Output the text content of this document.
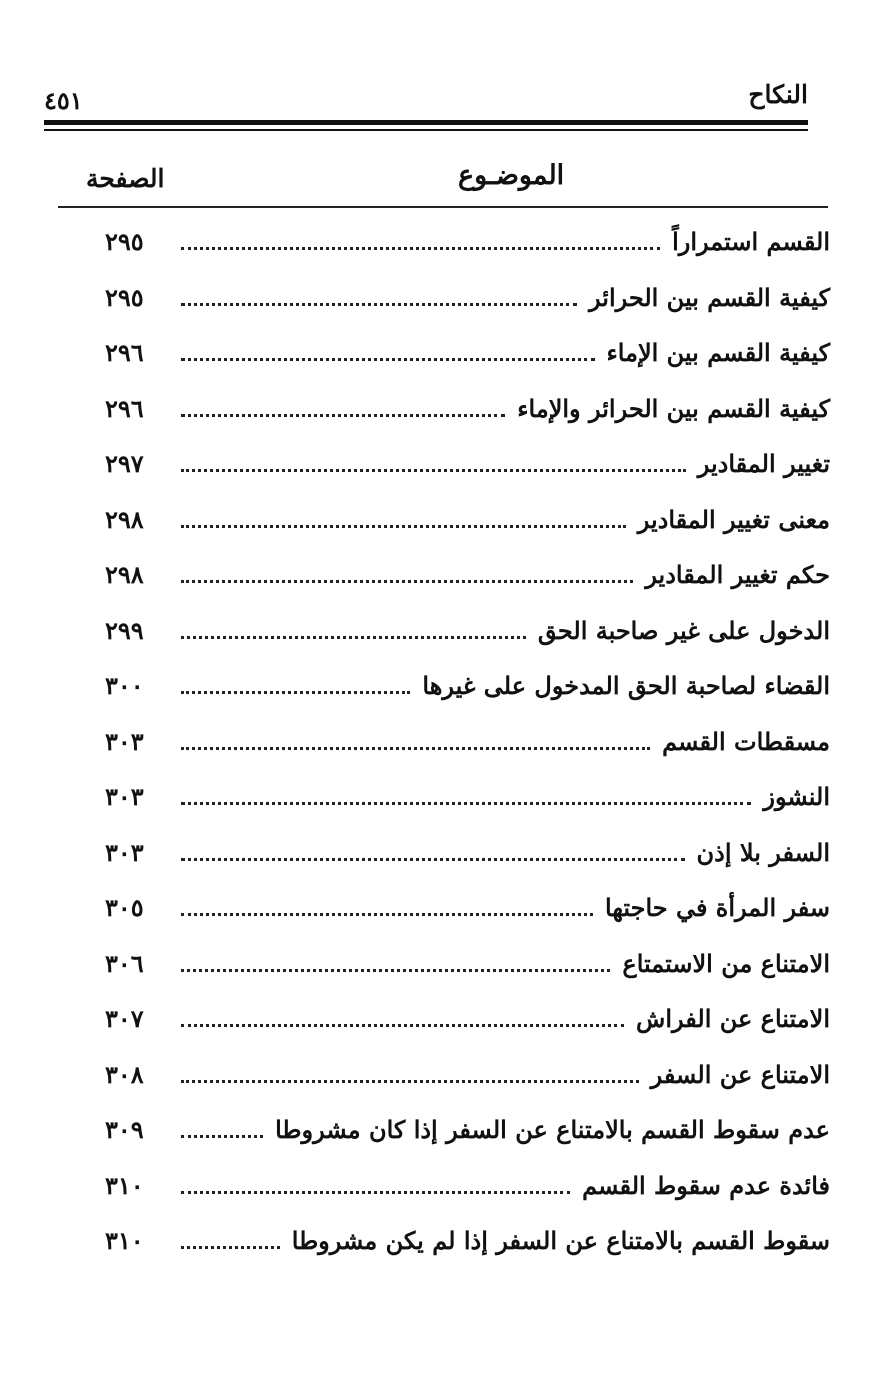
النكاح
٤٥١
الموضـوع
الصفحة
القسم استمراراً
٢٩٥
كيفية القسم بين الحرائر
٢٩٥
كيفية القسم بين الإماء
٢٩٦
كيفية القسم بين الحرائر والإماء
٢٩٦
تغيير المقادير
٢٩٧
معنى تغيير المقادير
٢٩٨
حكم تغيير المقادير
٢٩٨
الدخول على غير صاحبة الحق
٢٩٩
القضاء لصاحبة الحق المدخول على غيرها
٣٠٠
مسقطات القسم
٣٠٣
النشوز
٣٠٣
السفر بلا إذن
٣٠٣
سفر المرأة في حاجتها
٣٠٥
الامتناع من الاستمتاع
٣٠٦
الامتناع عن الفراش
٣٠٧
الامتناع عن السفر
٣٠٨
عدم سقوط القسم بالامتناع عن السفر إذا كان مشروطا
٣٠٩
فائدة عدم سقوط القسم
٣١٠
سقوط القسم بالامتناع عن السفر إذا لم يكن مشروطا
٣١٠
